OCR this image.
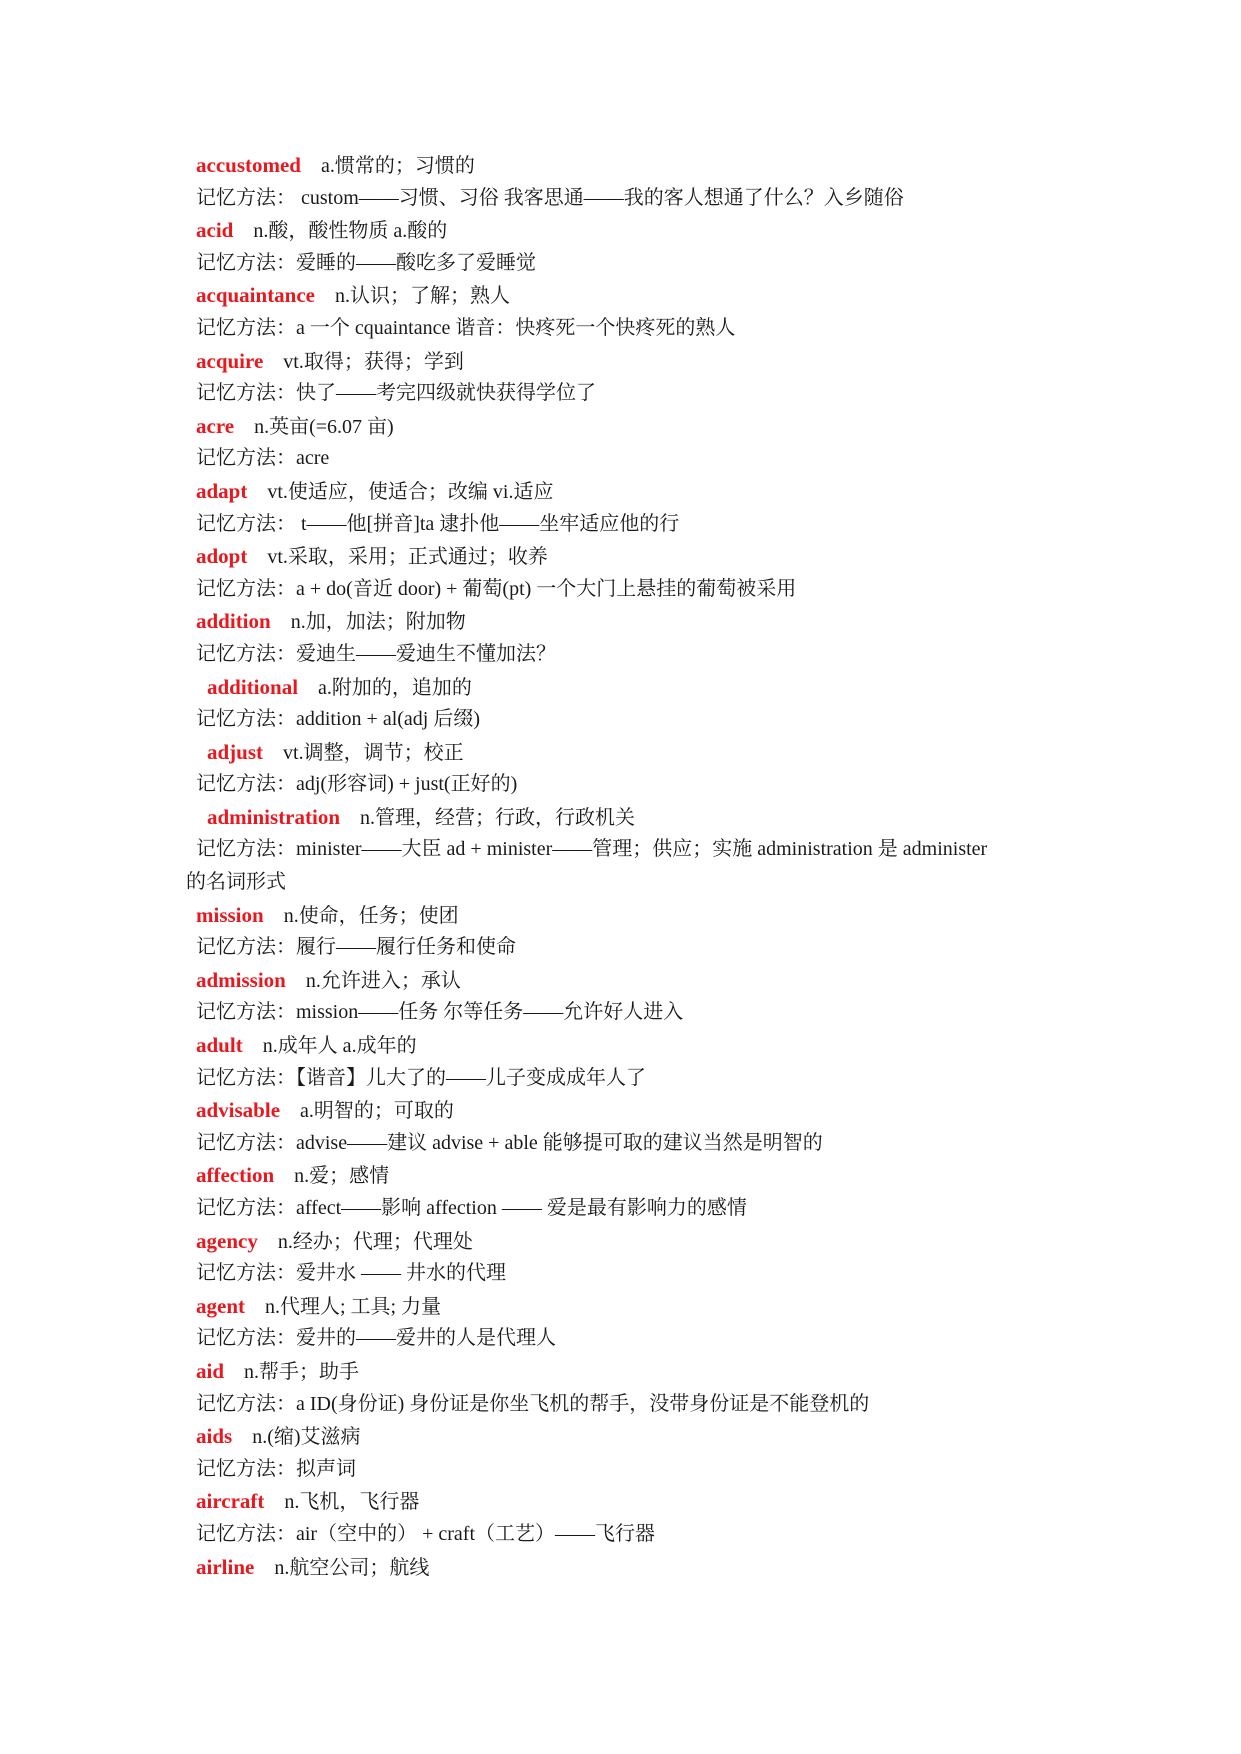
accustomed a.惯常的；习惯的
记忆方法： custom——习惯、习俗 我客思通——我的客人想通了什么？入乡随俗
acid n.酸，酸性物质 a.酸的
记忆方法：爱睡的——酸吃多了爱睡觉
acquaintance n.认识；了解；熟人
记忆方法：a 一个 cquaintance 谐音：快疼死一个快疼死的熟人
acquire vt.取得；获得；学到
记忆方法：快了——考完四级就快获得学位了
acre n.英亩(=6.07 亩)
记忆方法：acre
adapt vt.使适应，使适合；改编 vi.适应
记忆方法： t——他[拼音]ta 逮扑他——坐牢适应他的行
adopt vt.采取，采用；正式通过；收养
记忆方法：a + do(音近 door) + 葡萄(pt) 一个大门上悬挂的葡萄被采用
addition n.加，加法；附加物
记忆方法：爱迪生——爱迪生不懂加法？
additional a.附加的，追加的
记忆方法：addition + al(adj 后缀)
adjust vt.调整，调节；校正
记忆方法：adj(形容词) + just(正好的)
administration n.管理，经营；行政，行政机关
记忆方法：minister——大臣 ad + minister——管理；供应；实施 administration 是 administer
的名词形式
mission n.使命，任务；使团
记忆方法：履行——履行任务和使命
admission n.允许进入；承认
记忆方法：mission——任务 尔等任务——允许好人进入
adult n.成年人 a.成年的
记忆方法：【谐音】儿大了的——儿子变成成年人了
advisable a.明智的；可取的
记忆方法：advise——建议 advise + able 能够提可取的建议当然是明智的
affection n.爱；感情
记忆方法：affect——影响 affection —— 爱是最有影响力的感情
agency n.经办；代理；代理处
记忆方法：爱井水 —— 井水的代理
agent n.代理人; 工具; 力量
记忆方法：爱井的——爱井的人是代理人
aid n.帮手；助手
记忆方法：a ID(身份证) 身份证是你坐飞机的帮手，没带身份证是不能登机的
aids n.(缩)艾滋病
记忆方法：拟声词
aircraft n.飞机，飞行器
记忆方法：air（空中的） + craft（工艺）——飞行器
airline n.航空公司；航线
